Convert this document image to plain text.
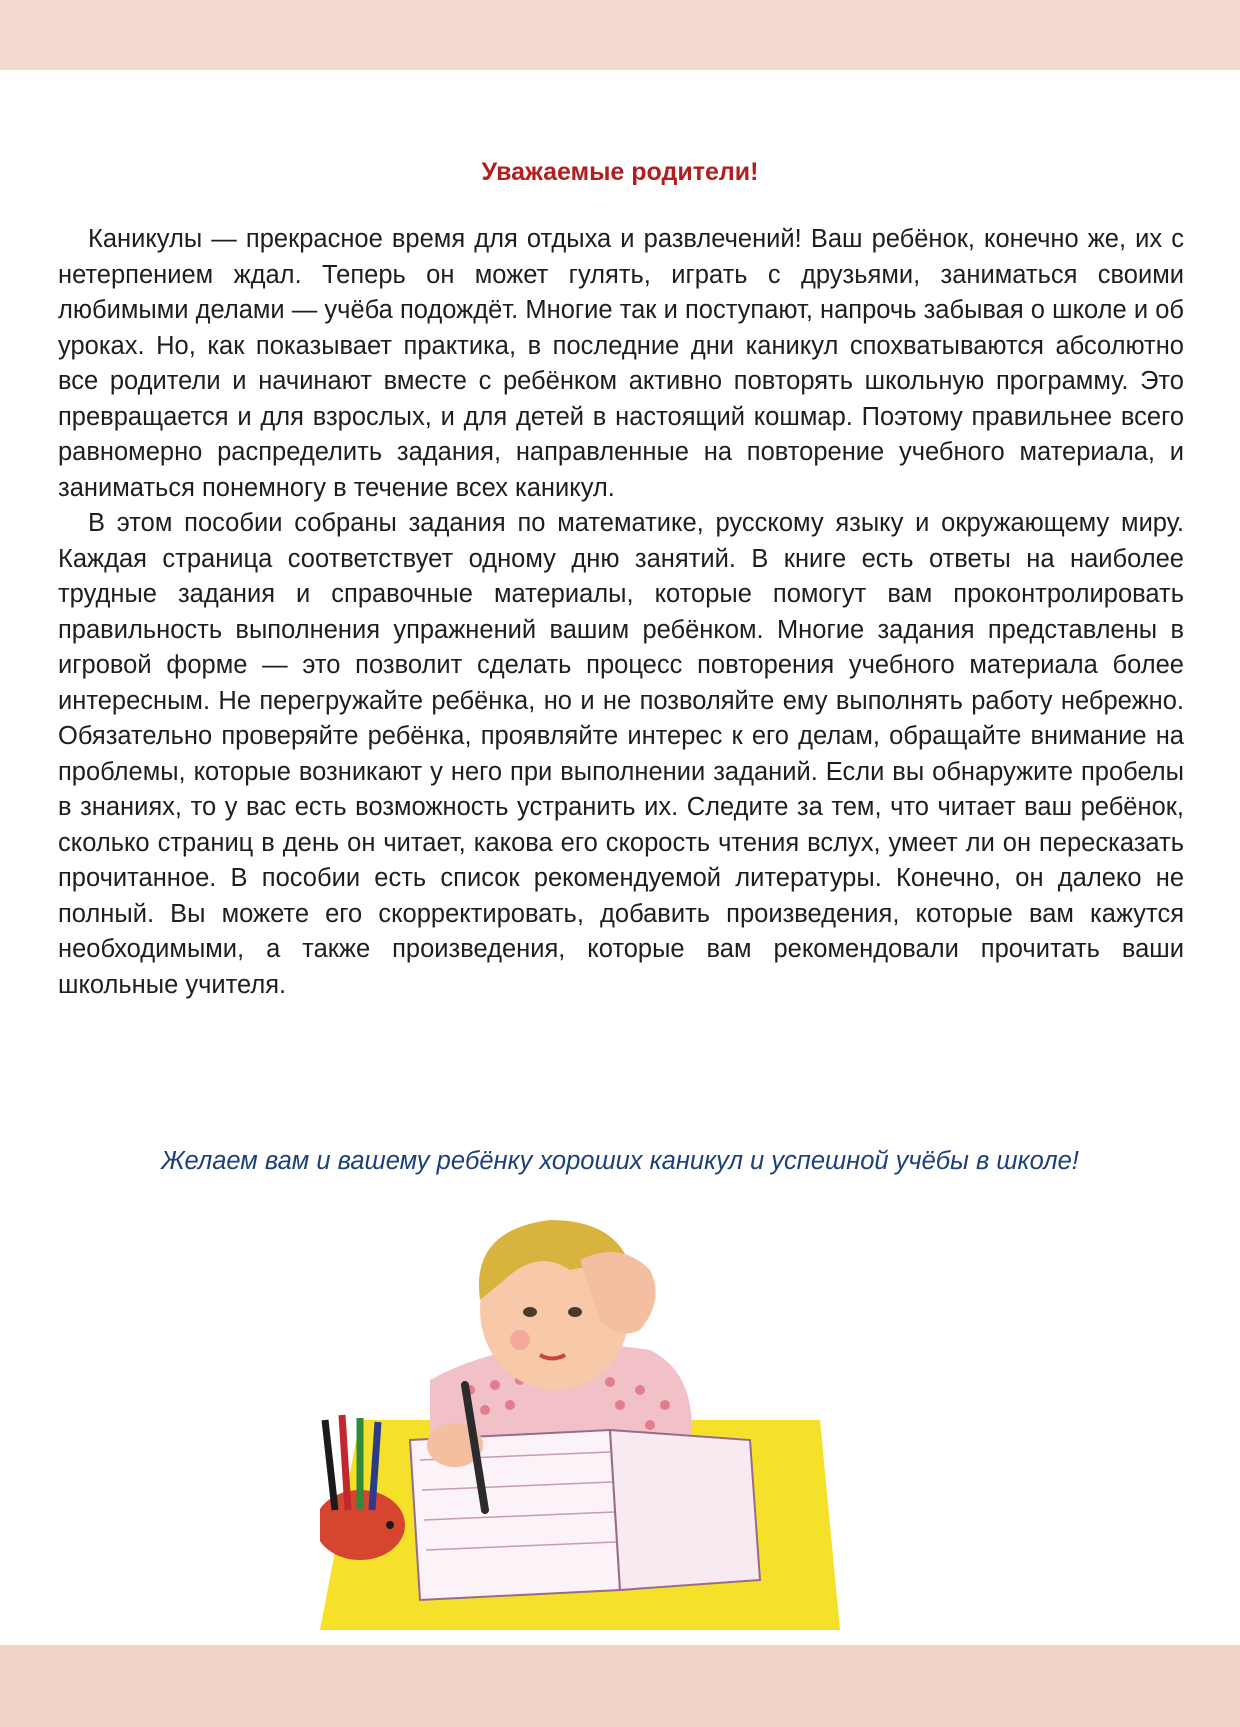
Уважаемые родители!

Каникулы — прекрасное время для отдыха и развлечений! Ваш ребёнок, конечно же, их с нетерпением ждал. Теперь он может гулять, играть с друзьями, заниматься своими любимыми делами — учёба подождёт. Многие так и поступают, напрочь забывая о школе и об уроках. Но, как показывает практика, в последние дни каникул спохватываются абсолютно все родители и начинают вместе с ребёнком активно повторять школьную программу. Это превращается и для взрослых, и для детей в настоящий кошмар. Поэтому правильнее всего равномерно распределить задания, направленные на повторение учебного материала, и заниматься понемногу в течение всех каникул.

В этом пособии собраны задания по математике, русскому языку и окружающему миру. Каждая страница соответствует одному дню занятий. В книге есть ответы на наиболее трудные задания и справочные материалы, которые помогут вам проконтролировать правильность выполнения упражнений вашим ребёнком. Многие задания представлены в игровой форме — это позволит сделать процесс повторения учебного материала более интересным. Не перегружайте ребёнка, но и не позволяйте ему выполнять работу небрежно. Обязательно проверяйте ребёнка, проявляйте интерес к его делам, обращайте внимание на проблемы, которые возникают у него при выполнении заданий. Если вы обнаружите пробелы в знаниях, то у вас есть возможность устранить их. Следите за тем, что читает ваш ребёнок, сколько страниц в день он читает, какова его скорость чтения вслух, умеет ли он пересказать прочитанное. В пособии есть список рекомендуемой литературы. Конечно, он далеко не полный. Вы можете его скорректировать, добавить произведения, которые вам кажутся необходимыми, а также произведения, которые вам рекомендовали прочитать ваши школьные учителя.

Желаем вам и вашему ребёнку хороших каникул и успешной учёбы в школе!
